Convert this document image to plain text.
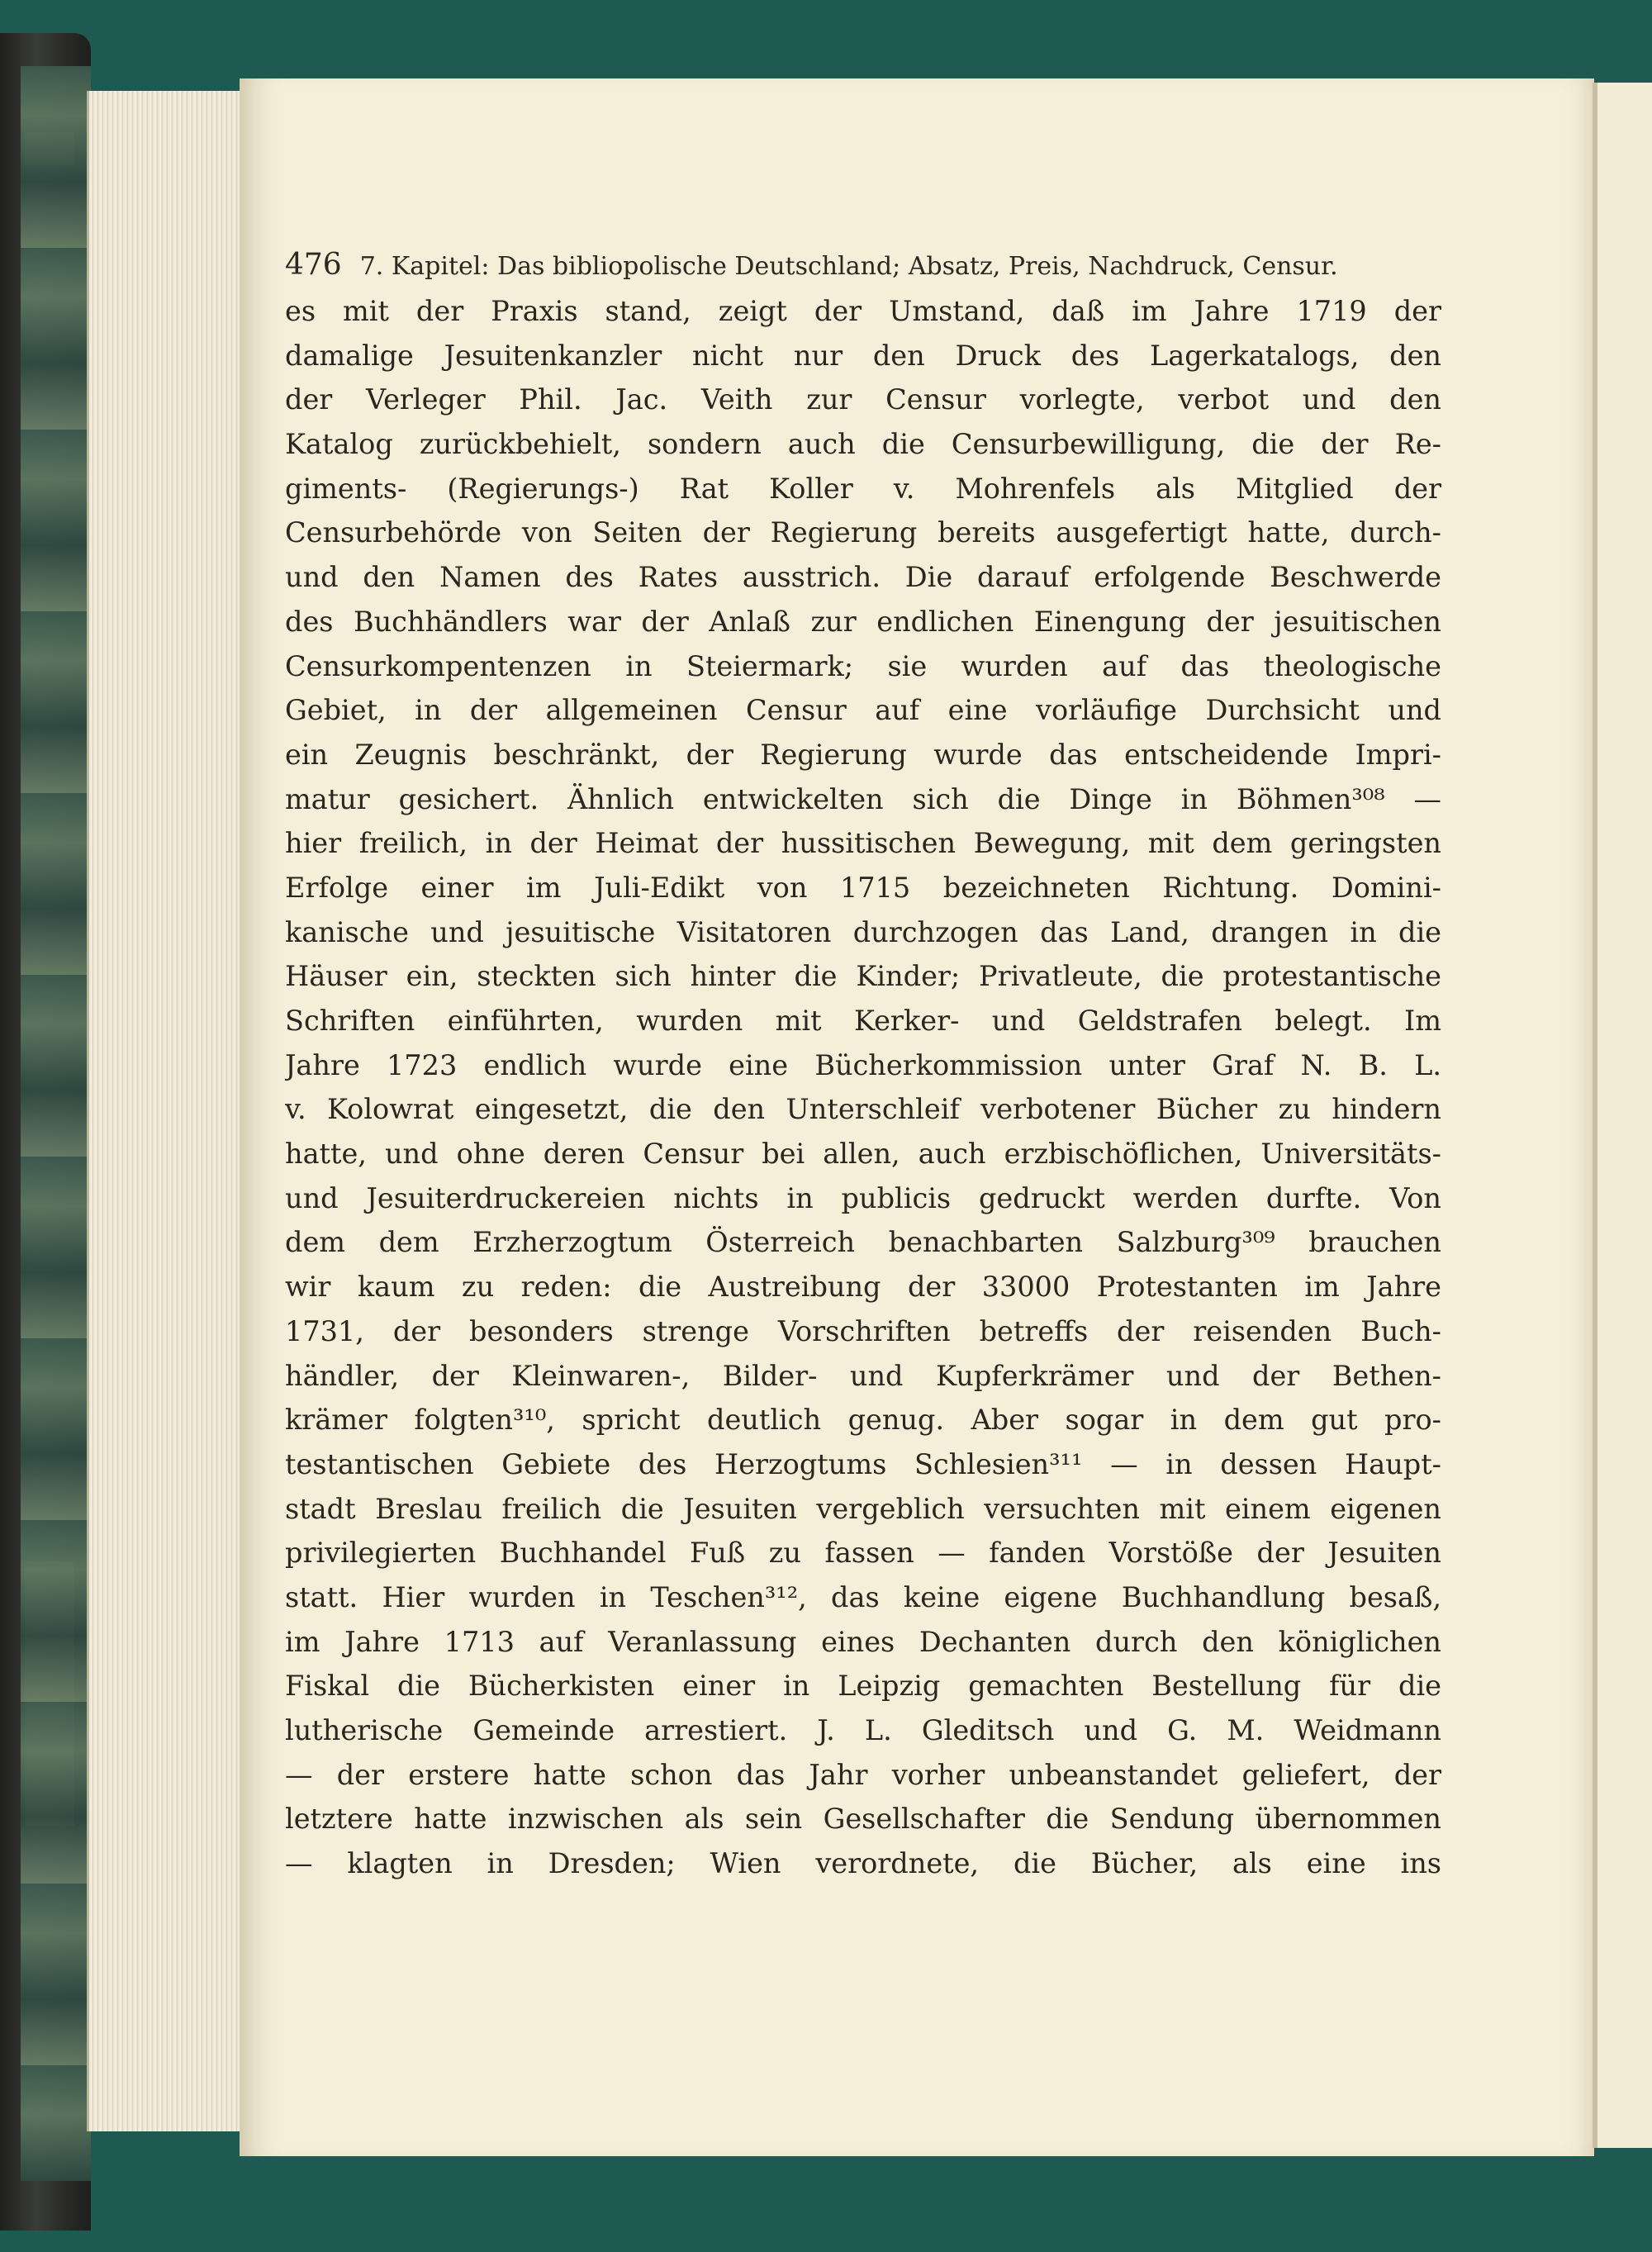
476 7. Kapitel: Das bibliopolische Deutschland; Absatz, Preis, Nachdruck, Censur.
es mit der Praxis stand, zeigt der Umstand, daß im Jahre 1719 der
damalige Jesuitenkanzler nicht nur den Druck des Lagerkatalogs, den
der Verleger Phil. Jac. Veith zur Censur vorlegte, verbot und den
Katalog zurückbehielt, sondern auch die Censurbewilligung, die der Re-
giments- (Regierungs-) Rat Koller v. Mohrenfels als Mitglied der
Censurbehörde von Seiten der Regierung bereits ausgefertigt hatte, durch-
und den Namen des Rates ausstrich. Die darauf erfolgende Beschwerde
des Buchhändlers war der Anlaß zur endlichen Einengung der jesuitischen
Censurkompentenzen in Steiermark; sie wurden auf das theologische
Gebiet, in der allgemeinen Censur auf eine vorläufige Durchsicht und
ein Zeugnis beschränkt, der Regierung wurde das entscheidende Impri-
matur gesichert. Ähnlich entwickelten sich die Dinge in Böhmen³⁰⁸ —
hier freilich, in der Heimat der hussitischen Bewegung, mit dem geringsten
Erfolge einer im Juli-Edikt von 1715 bezeichneten Richtung. Domini-
kanische und jesuitische Visitatoren durchzogen das Land, drangen in die
Häuser ein, steckten sich hinter die Kinder; Privatleute, die protestantische
Schriften einführten, wurden mit Kerker- und Geldstrafen belegt. Im
Jahre 1723 endlich wurde eine Bücherkommission unter Graf N. B. L.
v. Kolowrat eingesetzt, die den Unterschleif verbotener Bücher zu hindern
hatte, und ohne deren Censur bei allen, auch erzbischöflichen, Universitäts-
und Jesuiterdruckereien nichts in publicis gedruckt werden durfte. Von
dem dem Erzherzogtum Österreich benachbarten Salzburg³⁰⁹ brauchen
wir kaum zu reden: die Austreibung der 33000 Protestanten im Jahre
1731, der besonders strenge Vorschriften betreffs der reisenden Buch-
händler, der Kleinwaren-, Bilder- und Kupferkrämer und der Bethen-
krämer folgten³¹⁰, spricht deutlich genug. Aber sogar in dem gut pro-
testantischen Gebiete des Herzogtums Schlesien³¹¹ — in dessen Haupt-
stadt Breslau freilich die Jesuiten vergeblich versuchten mit einem eigenen
privilegierten Buchhandel Fuß zu fassen — fanden Vorstöße der Jesuiten
statt. Hier wurden in Teschen³¹², das keine eigene Buchhandlung besaß,
im Jahre 1713 auf Veranlassung eines Dechanten durch den königlichen
Fiskal die Bücherkisten einer in Leipzig gemachten Bestellung für die
lutherische Gemeinde arrestiert. J. L. Gleditsch und G. M. Weidmann
— der erstere hatte schon das Jahr vorher unbeanstandet geliefert, der
letztere hatte inzwischen als sein Gesellschafter die Sendung übernommen
— klagten in Dresden; Wien verordnete, die Bücher, als eine ins
